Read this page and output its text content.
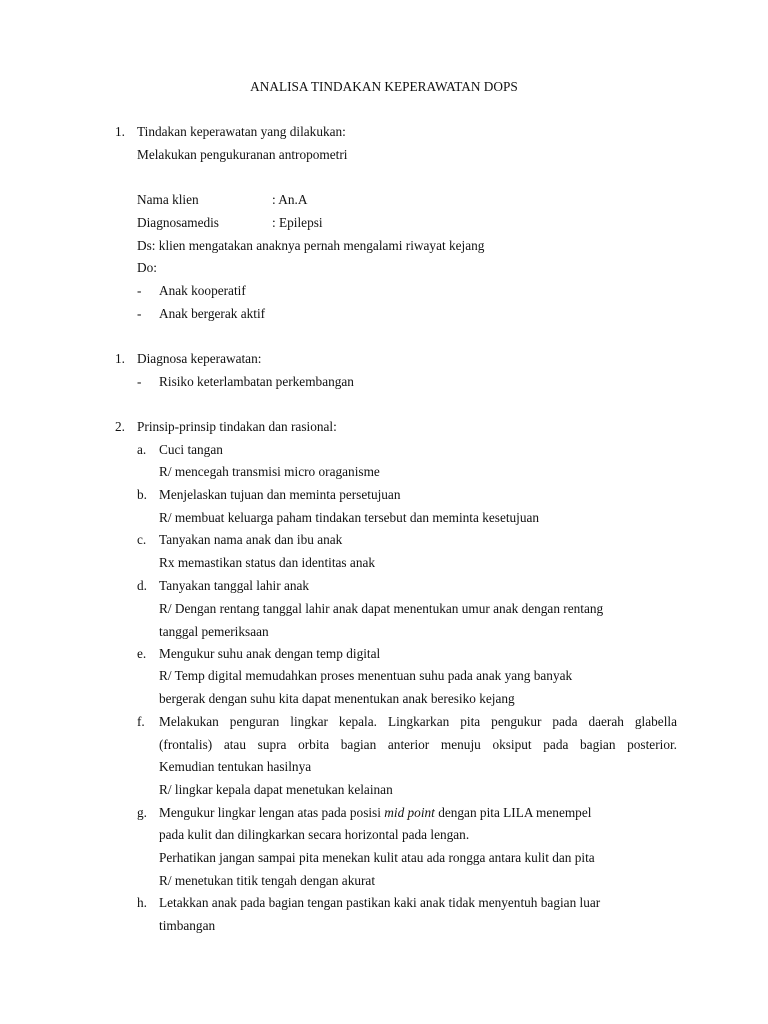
ANALISA TINDAKAN KEPERAWATAN DOPS
1. Tindakan keperawatan yang dilakukan:
Melakukan pengukuranan antropometri
Nama klien	: An.A
Diagnosamedis	: Epilepsi
Ds: klien mengatakan anaknya pernah mengalami riwayat kejang
Do:
- Anak kooperatif
- Anak bergerak aktif
1. Diagnosa keperawatan:
- Risiko keterlambatan perkembangan
2. Prinsip-prinsip tindakan dan rasional:
a. Cuci tangan
R/ mencegah transmisi micro oraganisme
b. Menjelaskan tujuan dan meminta persetujuan
R/ membuat keluarga paham tindakan tersebut dan meminta kesetujuan
c. Tanyakan nama anak dan ibu anak
Rx memastikan status dan identitas anak
d. Tanyakan tanggal lahir anak
R/ Dengan rentang tanggal lahir anak dapat menentukan umur anak dengan rentang
tanggal pemeriksaan
e. Mengukur suhu anak dengan temp digital
R/ Temp digital memudahkan proses menentuan suhu pada anak yang banyak
bergerak dengan suhu kita dapat menentukan anak beresiko kejang
f. Melakukan penguran lingkar kepala. Lingkarkan pita pengukur pada daerah glabella
(frontalis) atau supra orbita bagian anterior menuju oksiput pada bagian posterior.
Kemudian tentukan hasilnya
R/ lingkar kepala dapat menetukan kelainan
g. Mengukur lingkar lengan atas pada posisi mid point dengan pita LILA menempel
pada kulit dan dilingkarkan secara horizontal pada lengan.
Perhatikan jangan sampai pita menekan kulit atau ada rongga antara kulit dan pita
R/ menetukan titik tengah dengan akurat
h. Letakkan anak pada bagian tengan pastikan kaki anak tidak menyentuh bagian luar
timbangan
